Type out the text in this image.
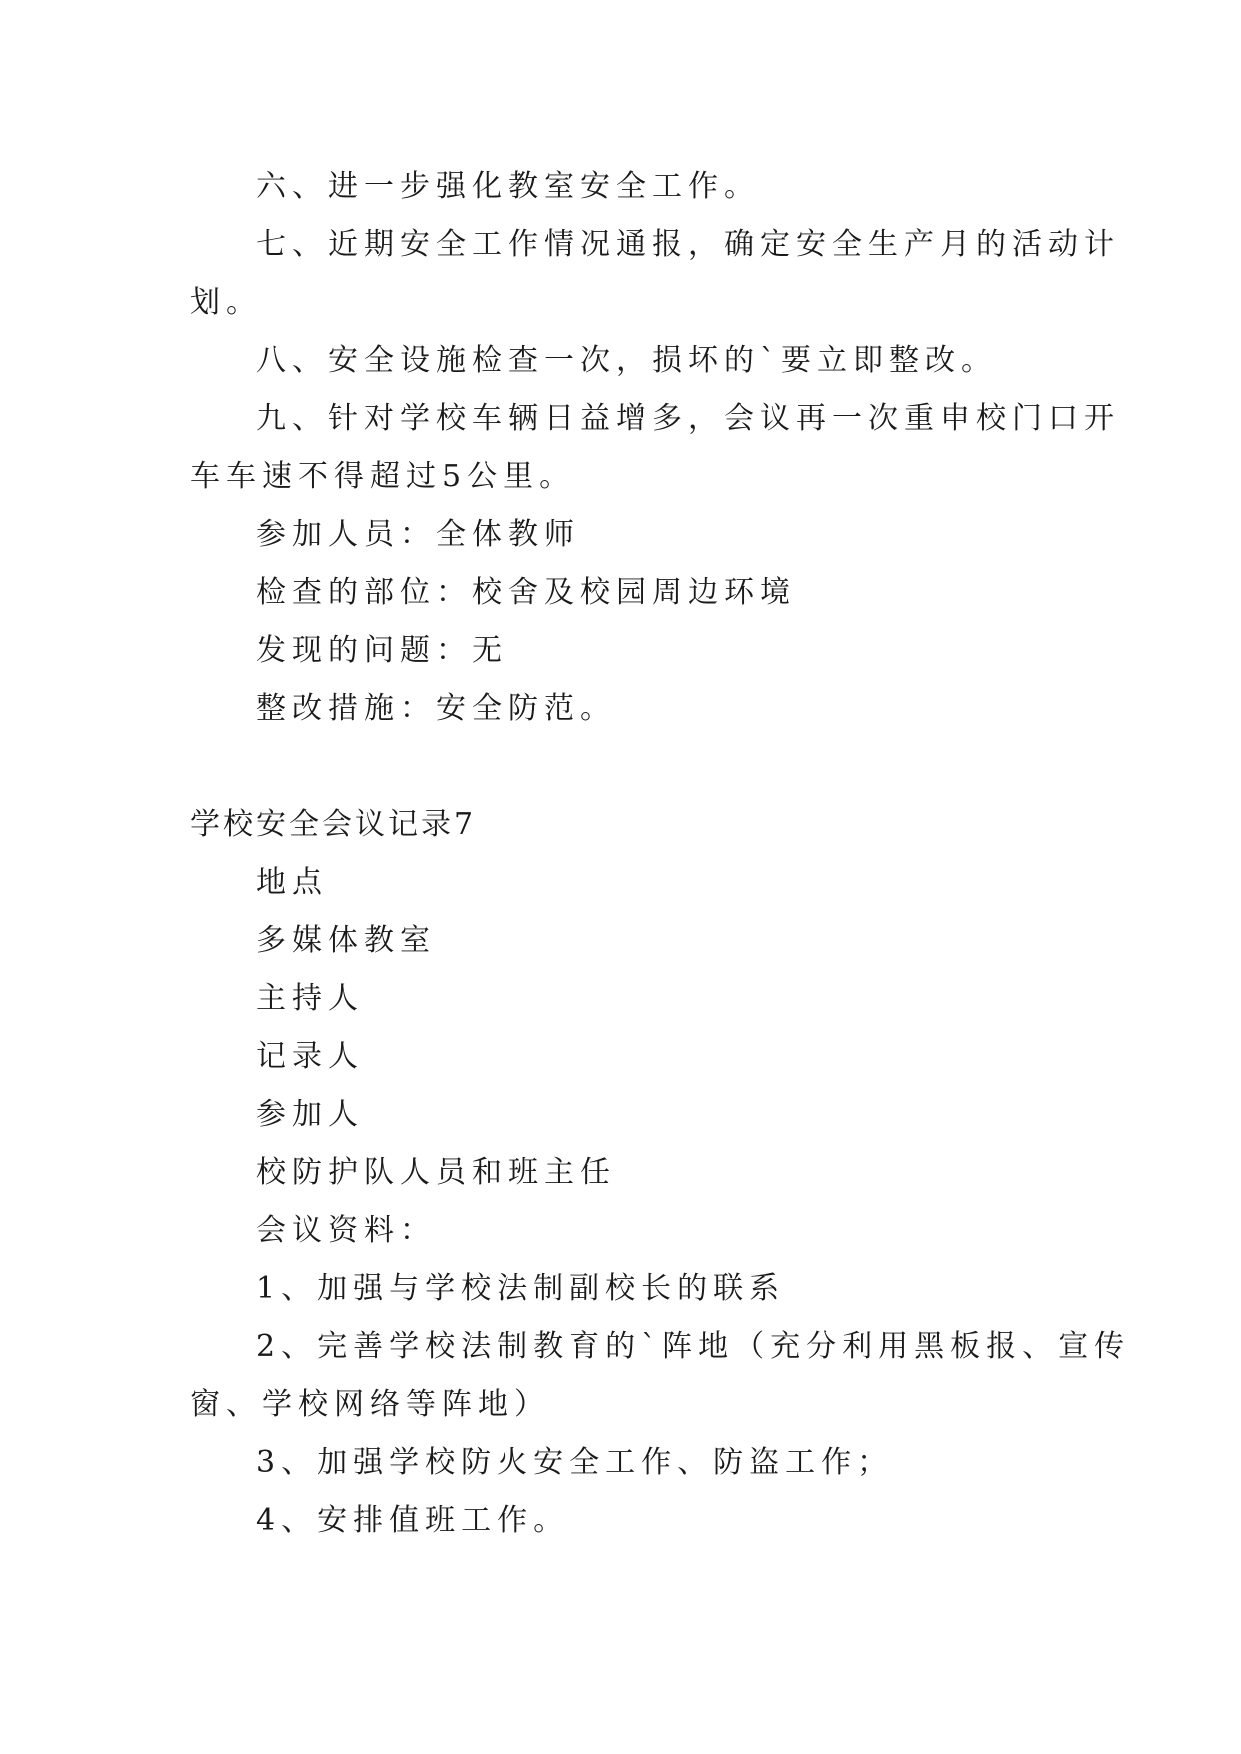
六、进一步强化教室安全工作。

七、近期安全工作情况通报，确定安全生产月的活动计

划。

八、安全设施检查一次，损坏的`要立即整改。

九、针对学校车辆日益增多，会议再一次重申校门口开

车车速不得超过5公里。

参加人员：全体教师

检查的部位：校舍及校园周边环境

发现的问题：无

整改措施：安全防范。

学校安全会议记录7

地点

多媒体教室

主持人

记录人

参加人

校防护队人员和班主任

会议资料：

1、加强与学校法制副校长的联系

2、完善学校法制教育的`阵地（充分利用黑板报、宣传

窗、学校网络等阵地）

3、加强学校防火安全工作、防盗工作；

4、安排值班工作。
